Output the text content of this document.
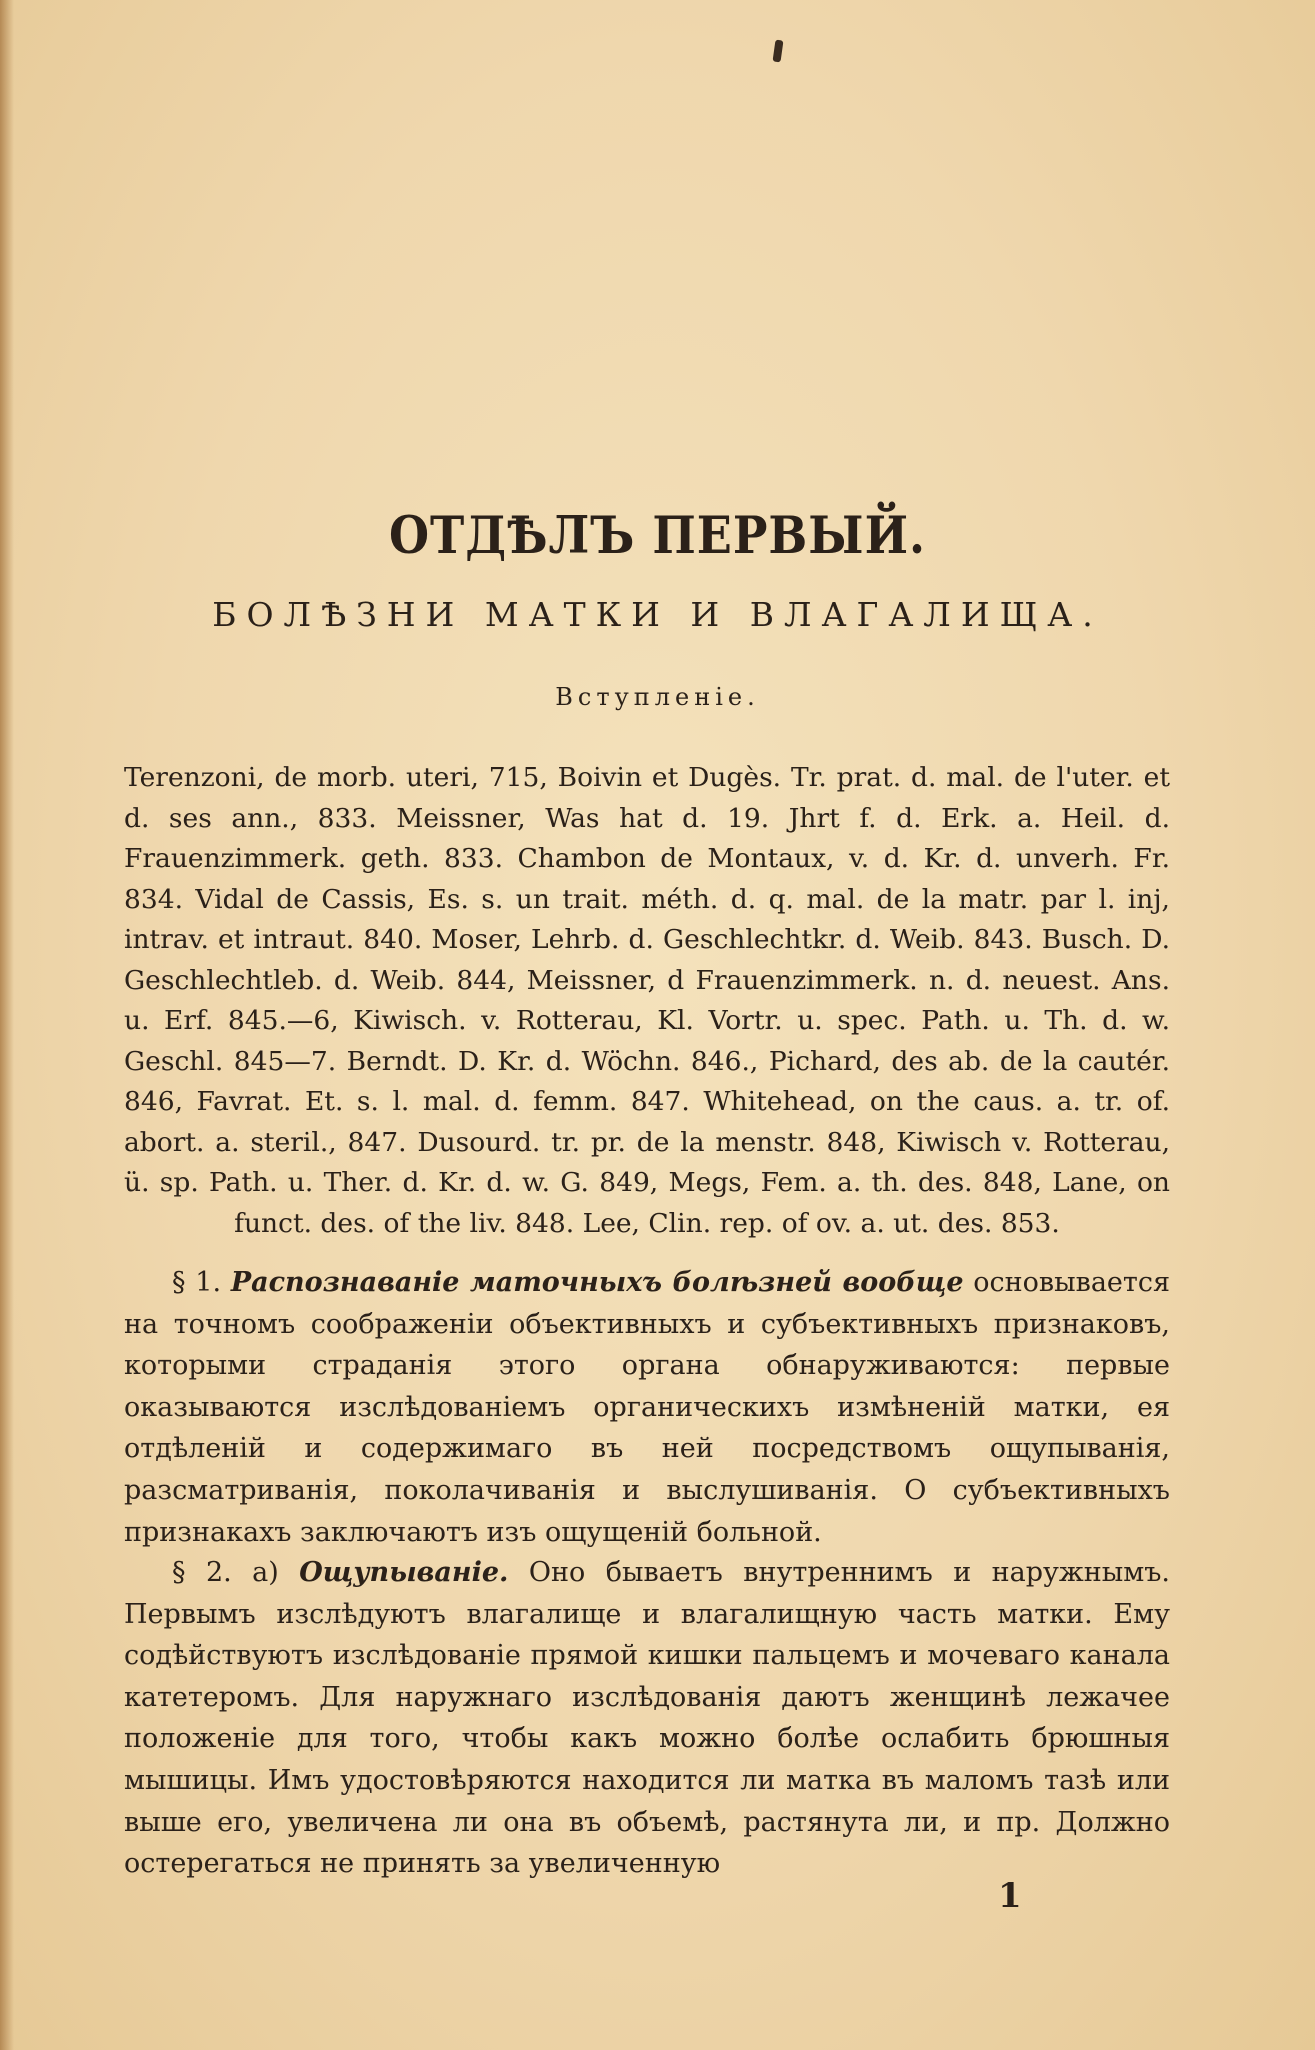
ОТДѢЛЪ ПЕРВЫЙ.
БОЛѢЗНИ МАТКИ И ВЛАГАЛИЩА.
Вступленіе.
Terenzoni, de morb. uteri, 715, Boivin et Dugès. Tr. prat. d. mal. de l'uter. et d. ses ann., 833. Meissner, Was hat d. 19. Jhrt f. d. Erk. a. Heil. d. Frauenzimmerk. geth. 833. Chambon de Montaux, v. d. Kr. d. unverh. Fr. 834. Vidal de Cassis, Es. s. un trait. méth. d. q. mal. de la matr. par l. inj, intrav. et intraut. 840. Moser, Lehrb. d. Geschlechtkr. d. Weib. 843. Busch. D. Geschlechtleb. d. Weib. 844, Meissner, d Frauenzimmerk. n. d. neuest. Ans. u. Erf. 845.—6, Kiwisch. v. Rotterau, Kl. Vortr. u. spec. Path. u. Th. d. w. Geschl. 845—7. Berndt. D. Kr. d. Wöchn. 846., Pichard, des ab. de la cautér. 846, Favrat. Et. s. l. mal. d. femm. 847. Whitehead, on the caus. a. tr. of. abort. a. steril., 847. Dusourd. tr. pr. de la menstr. 848, Kiwisch v. Rotterau, ü. sp. Path. u. Ther. d. Kr. d. w. G. 849, Megs, Fem. a. th. des. 848, Lane, on funct. des. of the liv. 848. Lee, Clin. rep. of ov. a. ut. des. 853.
§ 1. Распознаваніе маточныхъ болѣзней вообще основывается на точномъ соображеніи объективныхъ и субъективныхъ признаковъ, которыми страданія этого органа обнаруживаются: первые оказываются изслѣдованіемъ органическихъ измѣненій матки, ея отдѣленій и содержимаго въ ней посредствомъ ощупыванія, разсматриванія, поколачиванія и выслушиванія. О субъективныхъ признакахъ заключаютъ изъ ощущеній больной.
§ 2. а) Ощупываніе. Оно бываетъ внутреннимъ и наружнымъ. Первымъ изслѣдуютъ влагалище и влагалищную часть матки. Ему содѣйствуютъ изслѣдованіе прямой кишки пальцемъ и мочеваго канала катетеромъ. Для наружнаго изслѣдованія даютъ женщинѣ лежачее положеніе для того, чтобы какъ можно болѣе ослабить брюшныя мышицы. Имъ удостовѣряются находится ли матка въ маломъ тазѣ или выше его, увеличена ли она въ объемѣ, растянута ли, и пр. Должно остерегаться не принять за увеличенную
1
